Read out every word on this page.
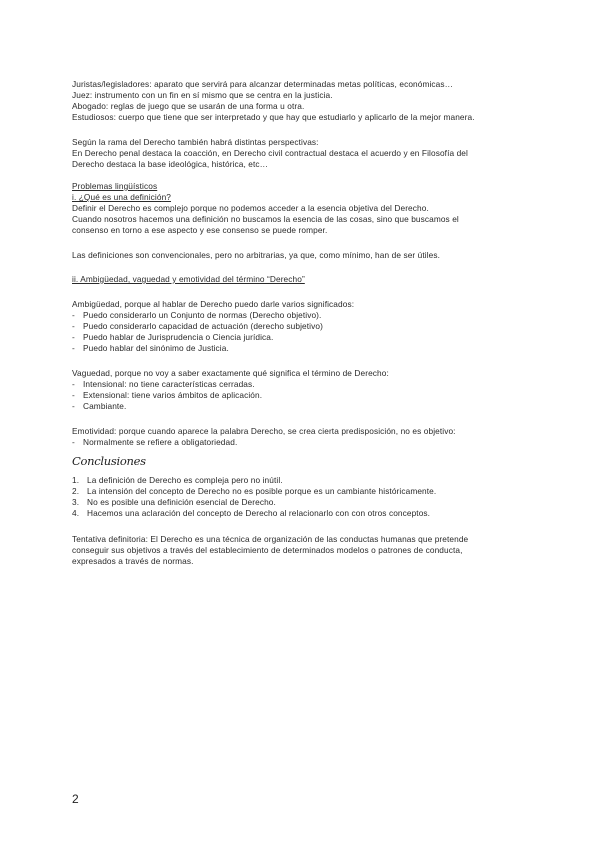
Juristas/legisladores: aparato que servirá para alcanzar determinadas metas políticas, económicas…
Juez: instrumento con un fin en sí mismo que se centra en la justicia.
Abogado: reglas de juego que se usarán de una forma u otra.
Estudiosos: cuerpo que tiene que ser interpretado y que hay que estudiarlo y aplicarlo de la mejor manera.
Según la rama del Derecho también habrá distintas perspectivas:
En Derecho penal destaca la coacción, en Derecho civil contractual destaca el acuerdo y en Filosofía del
Derecho destaca la base ideológica, histórica, etc…
Problemas lingüísticos
i. ¿Qué es una definición?
Definir el Derecho es complejo porque no podemos acceder a la esencia objetiva del Derecho.
Cuando nosotros hacemos una definición no buscamos la esencia de las cosas, sino que buscamos el
consenso en torno a ese aspecto y ese consenso se puede romper.
Las definiciones son convencionales, pero no arbitrarias, ya que, como mínimo, han de ser útiles.
ii. Ambigüedad, vaguedad y emotividad del término “Derecho”
Ambigüedad, porque al hablar de Derecho puedo darle varios significados:
- Puedo considerarlo un Conjunto de normas (Derecho objetivo).
- Puedo considerarlo capacidad de actuación (derecho subjetivo)
- Puedo hablar de Jurisprudencia o Ciencia jurídica.
- Puedo hablar del sinónimo de Justicia.
Vaguedad, porque no voy a saber exactamente qué significa el término de Derecho:
- Intensional: no tiene características cerradas.
- Extensional: tiene varios ámbitos de aplicación.
- Cambiante.
Emotividad: porque cuando aparece la palabra Derecho, se crea cierta predisposición, no es objetivo:
- Normalmente se refiere a obligatoriedad.
Conclusiones
1. La definición de Derecho es compleja pero no inútil.
2. La intensión del concepto de Derecho no es posible porque es un cambiante históricamente.
3. No es posible una definición esencial de Derecho.
4. Hacemos una aclaración del concepto de Derecho al relacionarlo con con otros conceptos.
Tentativa definitoria: El Derecho es una técnica de organización de las conductas humanas que pretende
conseguir sus objetivos a través del establecimiento de determinados modelos o patrones de conducta,
expresados a través de normas.
2
